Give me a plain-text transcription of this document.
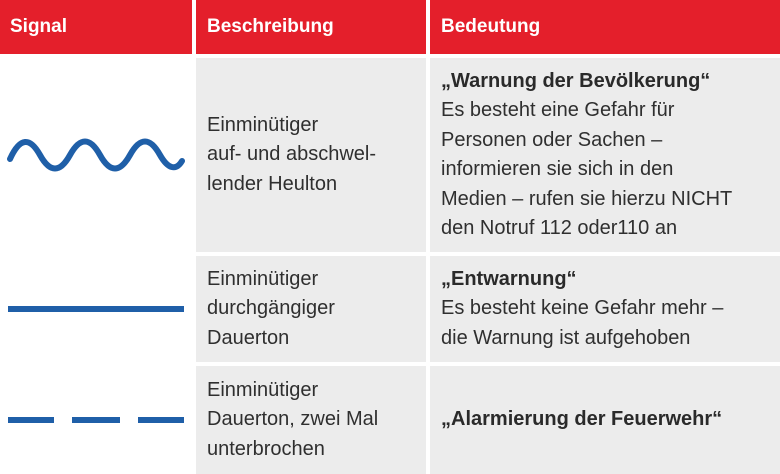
Signal	Beschreibung	Bedeutung
Einminütiger
auf- und abschwel-
lender Heulton
„Warnung der Bevölkerung“
Es besteht eine Gefahr für
Personen oder Sachen –
informieren sie sich in den
Medien – rufen sie hierzu NICHT
den Notruf 112 oder110 an
Einminütiger
durchgängiger
Dauerton
„Entwarnung“
Es besteht keine Gefahr mehr –
die Warnung ist aufgehoben
Einminütiger
Dauerton, zwei Mal
unterbrochen
„Alarmierung der Feuerwehr“
